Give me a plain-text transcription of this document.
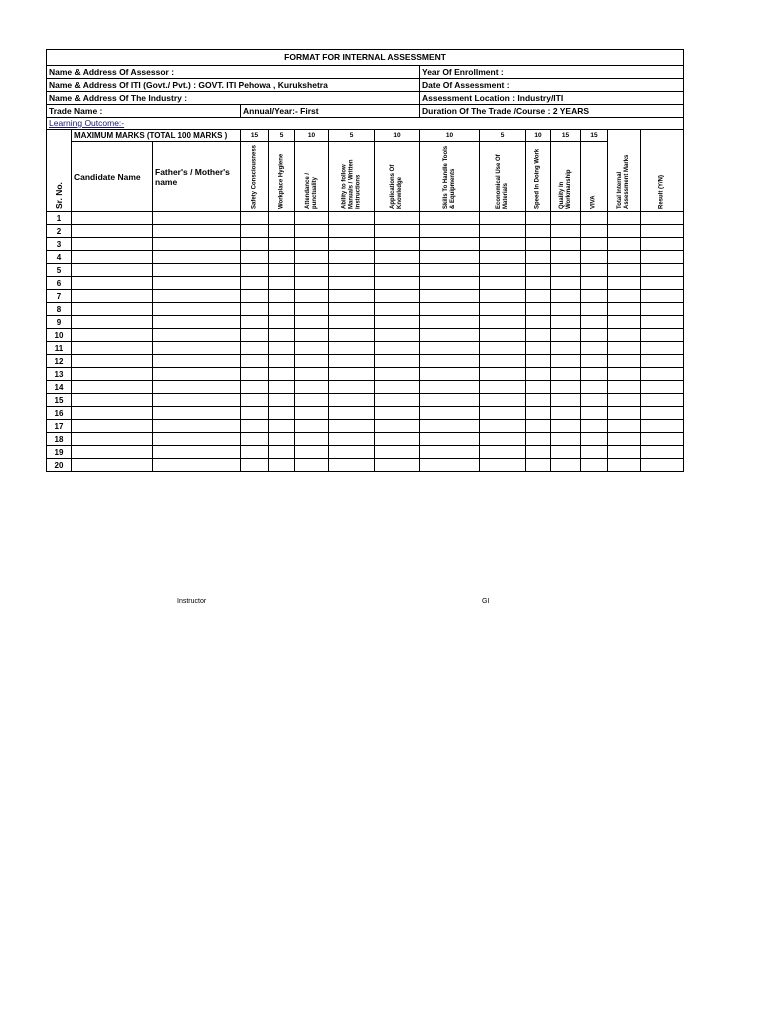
FORMAT FOR INTERNAL ASSESSMENT														
Name & Address Of Assessor :								Year Of Enrollment :						
Name & Address Of ITI (Govt./ Pvt.) : GOVT. ITI Pehowa , Kurukshetra								Date Of Assessment :						
Name & Address Of The Industry :								Assessment Location : Industry/ITI						
Trade Name :			Annual/Year:- First					Duration Of The Trade /Course : 2 YEARS						
Learning Outcome:-														
	MAXIMUM MARKS (TOTAL 100 MARKS )		15	5	10	5	10	10	5	10	15	15		

Sr. No.	Candidate Name	Father's / Mother's name	Safety Consciousness	Workplace Hygiene	Attendance / punctuality	Ability to follow Manuals / Written instructions	Applications Of Knowledge	Skills To Handle Tools & Equipments	Economical Use Of Materials	Speed In Doing Work	Quality In Workmanship	VIVA	Total Internal Assessment Marks	Result (Y/N)

1														
2														
3														
4														
5														
6														
7														
8														
9														
10														
11														
12														
13														
14														
15														
16														
17														
18														
19														
20														
Instructor	GI
